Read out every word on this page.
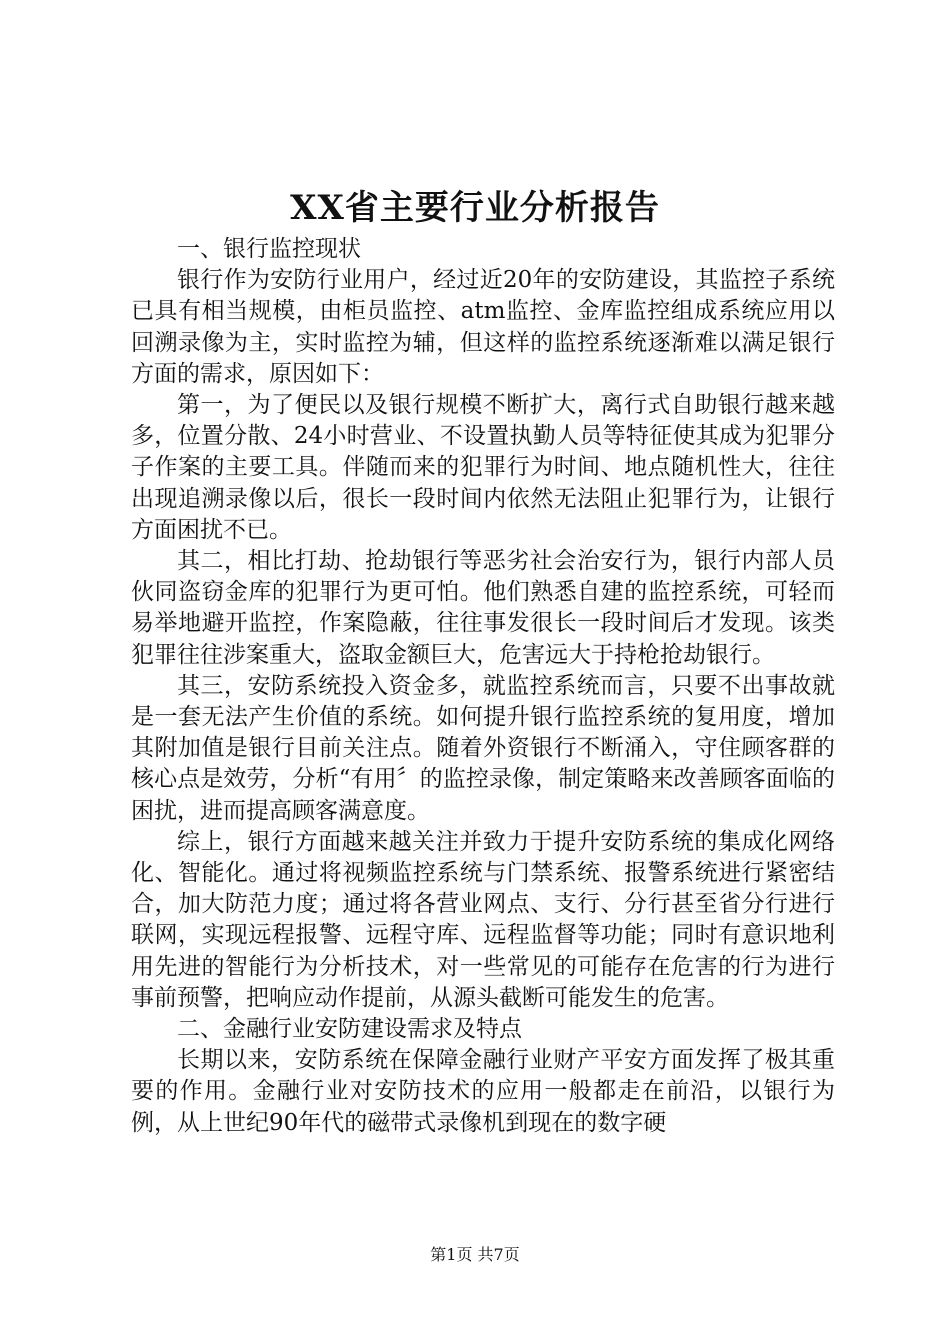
XX省主要行业分析报告

一、银行监控现状

银行作为安防行业用户，经过近20年的安防建设，其监控子系统已具有相当规模，由柜员监控、atm监控、金库监控组成系统应用以回溯录像为主，实时监控为辅，但这样的监控系统逐渐难以满足银行方面的需求，原因如下：

第一，为了便民以及银行规模不断扩大，离行式自助银行越来越多，位置分散、24小时营业、不设置执勤人员等特征使其成为犯罪分子作案的主要工具。伴随而来的犯罪行为时间、地点随机性大，往往出现追溯录像以后，很长一段时间内依然无法阻止犯罪行为，让银行方面困扰不已。

其二，相比打劫、抢劫银行等恶劣社会治安行为，银行内部人员伙同盗窃金库的犯罪行为更可怕。他们熟悉自建的监控系统，可轻而易举地避开监控，作案隐蔽，往往事发很长一段时间后才发现。该类犯罪往往涉案重大，盗取金额巨大，危害远大于持枪抢劫银行。

其三，安防系统投入资金多，就监控系统而言，只要不出事故就是一套无法产生价值的系统。如何提升银行监控系统的复用度，增加其附加值是银行目前关注点。随着外资银行不断涌入，守住顾客群的核心点是效劳，分析“有用〞的监控录像，制定策略来改善顾客面临的困扰，进而提高顾客满意度。

综上，银行方面越来越关注并致力于提升安防系统的集成化网络化、智能化。通过将视频监控系统与门禁系统、报警系统进行紧密结合，加大防范力度；通过将各营业网点、支行、分行甚至省分行进行联网，实现远程报警、远程守库、远程监督等功能；同时有意识地利用先进的智能行为分析技术，对一些常见的可能存在危害的行为进行事前预警，把响应动作提前，从源头截断可能发生的危害。

二、金融行业安防建设需求及特点

长期以来，安防系统在保障金融行业财产平安方面发挥了极其重要的作用。金融行业对安防技术的应用一般都走在前沿，以银行为例，从上世纪90年代的磁带式录像机到现在的数字硬

第1页 共7页
